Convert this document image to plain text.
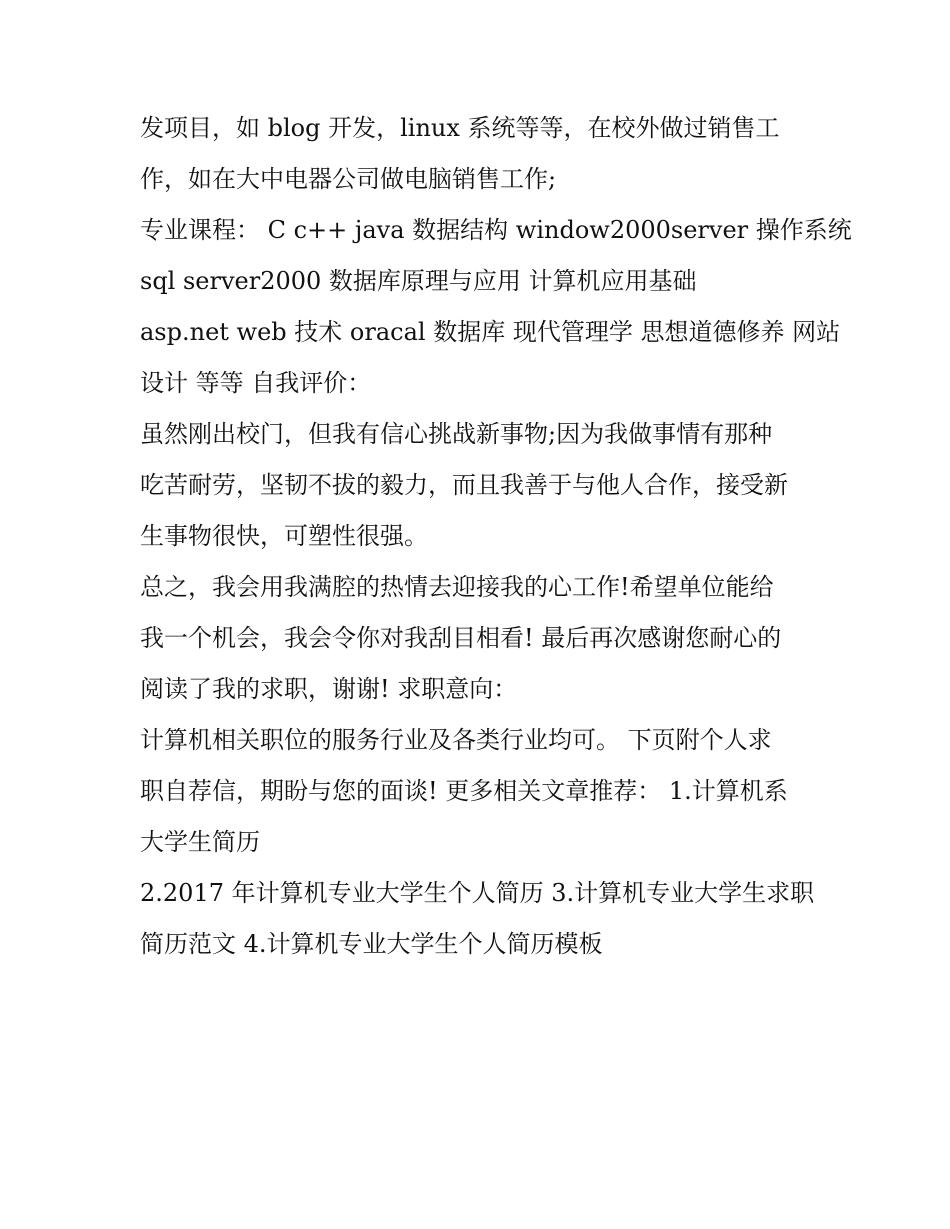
发项目，如 blog 开发，linux 系统等等，在校外做过销售工
作，如在大中电器公司做电脑销售工作;
专业课程： C c++ java 数据结构 window2000server 操作系统
sql server2000 数据库原理与应用 计算机应用基础
asp.net web 技术 oracal 数据库 现代管理学 思想道德修养 网站
设计 等等 自我评价：
虽然刚出校门，但我有信心挑战新事物;因为我做事情有那种
吃苦耐劳，坚韧不拔的毅力，而且我善于与他人合作，接受新
生事物很快，可塑性很强。
总之，我会用我满腔的热情去迎接我的心工作!希望单位能给
我一个机会，我会令你对我刮目相看! 最后再次感谢您耐心的
阅读了我的求职，谢谢! 求职意向：
计算机相关职位的服务行业及各类行业均可。 下页附个人求
职自荐信，期盼与您的面谈! 更多相关文章推荐： 1.计算机系
大学生简历
2.2017 年计算机专业大学生个人简历 3.计算机专业大学生求职
简历范文 4.计算机专业大学生个人简历模板
